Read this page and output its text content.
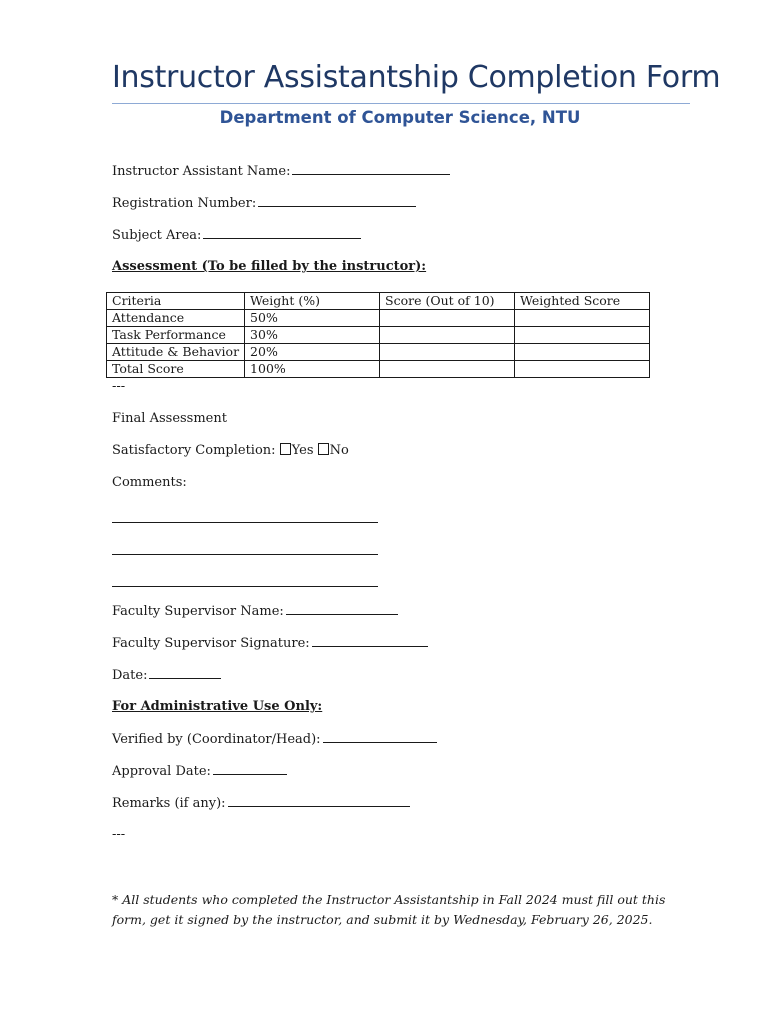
Instructor Assistantship Completion Form
Department of Computer Science, NTU
Instructor Assistant Name:
Registration Number:
Subject Area:
Assessment (To be filled by the instructor):
Criteria	Weight (%)	Score (Out of 10)	Weighted Score
Attendance	50%		
Task Performance	30%		
Attitude & Behavior	20%		
Total Score	100%		
---
Final Assessment
Satisfactory Completion: Yes No
Comments:
Faculty Supervisor Name:
Faculty Supervisor Signature:
Date:
For Administrative Use Only:
Verified by (Coordinator/Head):
Approval Date:
Remarks (if any):
---
* All students who completed the Instructor Assistantship in Fall 2024 must fill out this form, get it signed by the instructor, and submit it by Wednesday, February 26, 2025.
